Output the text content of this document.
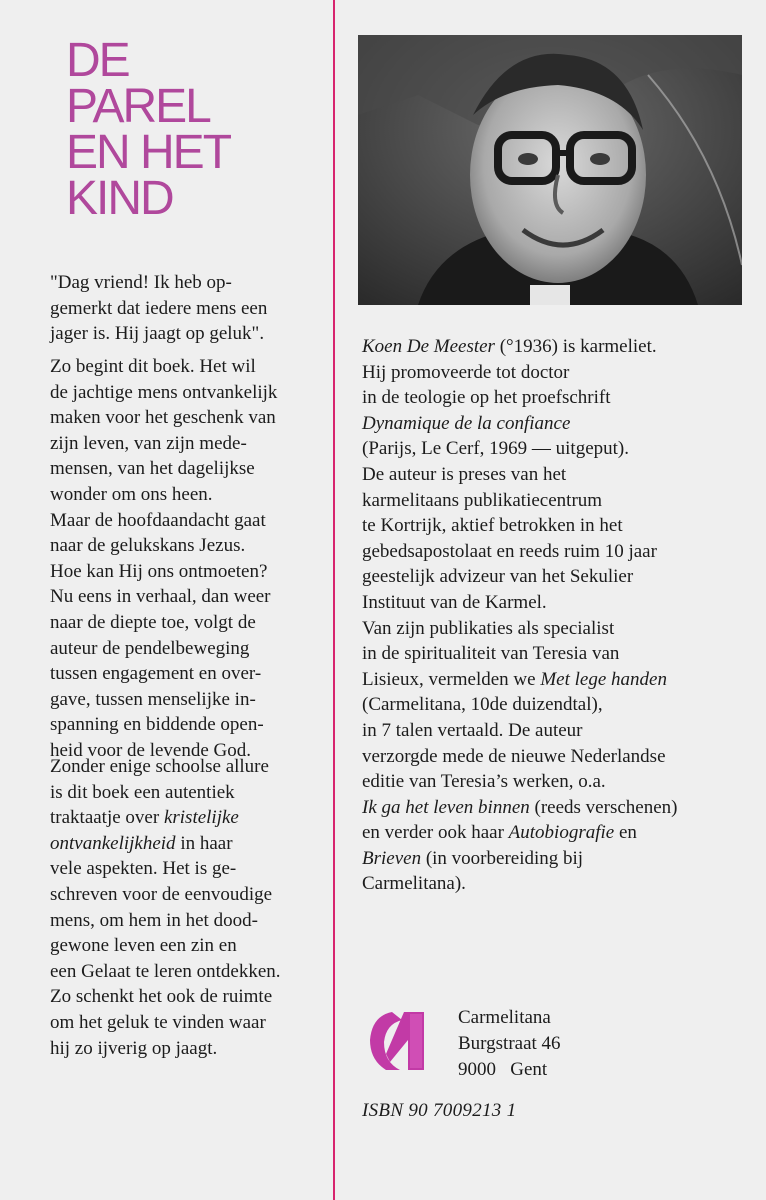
DE
PAREL
EN HET
KIND

"Dag vriend! Ik heb op-
gemerkt dat iedere mens een
jager is. Hij jaagt op geluk".

Zo begint dit boek. Het wil
de jachtige mens ontvankelijk
maken voor het geschenk van
zijn leven, van zijn mede-
mensen, van het dagelijkse
wonder om ons heen.
Maar de hoofdaandacht gaat
naar de gelukskans Jezus.
Hoe kan Hij ons ontmoeten?
Nu eens in verhaal, dan weer
naar de diepte toe, volgt de
auteur de pendelbeweging
tussen engagement en over-
gave, tussen menselijke in-
spanning en biddende open-
heid voor de levende God.

Zonder enige schoolse allure
is dit boek een autentiek
traktaatje over kristelijke
ontvankelijkheid in haar
vele aspekten. Het is ge-
schreven voor de eenvoudige
mens, om hem in het dood-
gewone leven een zin en
een Gelaat te leren ontdekken.
Zo schenkt het ook de ruimte
om het geluk te vinden waar
hij zo ijverig op jaagt.

Koen De Meester (°1936) is karmeliet.
Hij promoveerde tot doctor
in de teologie op het proefschrift
Dynamique de la confiance
(Parijs, Le Cerf, 1969 — uitgeput).
De auteur is preses van het
karmelitaans publikatiecentrum
te Kortrijk, aktief betrokken in het
gebedsapostolaat en reeds ruim 10 jaar
geestelijk advizeur van het Sekulier
Instituut van de Karmel.
Van zijn publikaties als specialist
in de spiritualiteit van Teresia van
Lisieux, vermelden we Met lege handen
(Carmelitana, 10de duizendtal),
in 7 talen vertaald. De auteur
verzorgde mede de nieuwe Nederlandse
editie van Teresia’s werken, o.a.
Ik ga het leven binnen (reeds verschenen)
en verder ook haar Autobiografie en
Brieven (in voorbereiding bij
Carmelitana).
Carmelitana
Burgstraat 46
9000   Gent
ISBN 90 7009213 1
